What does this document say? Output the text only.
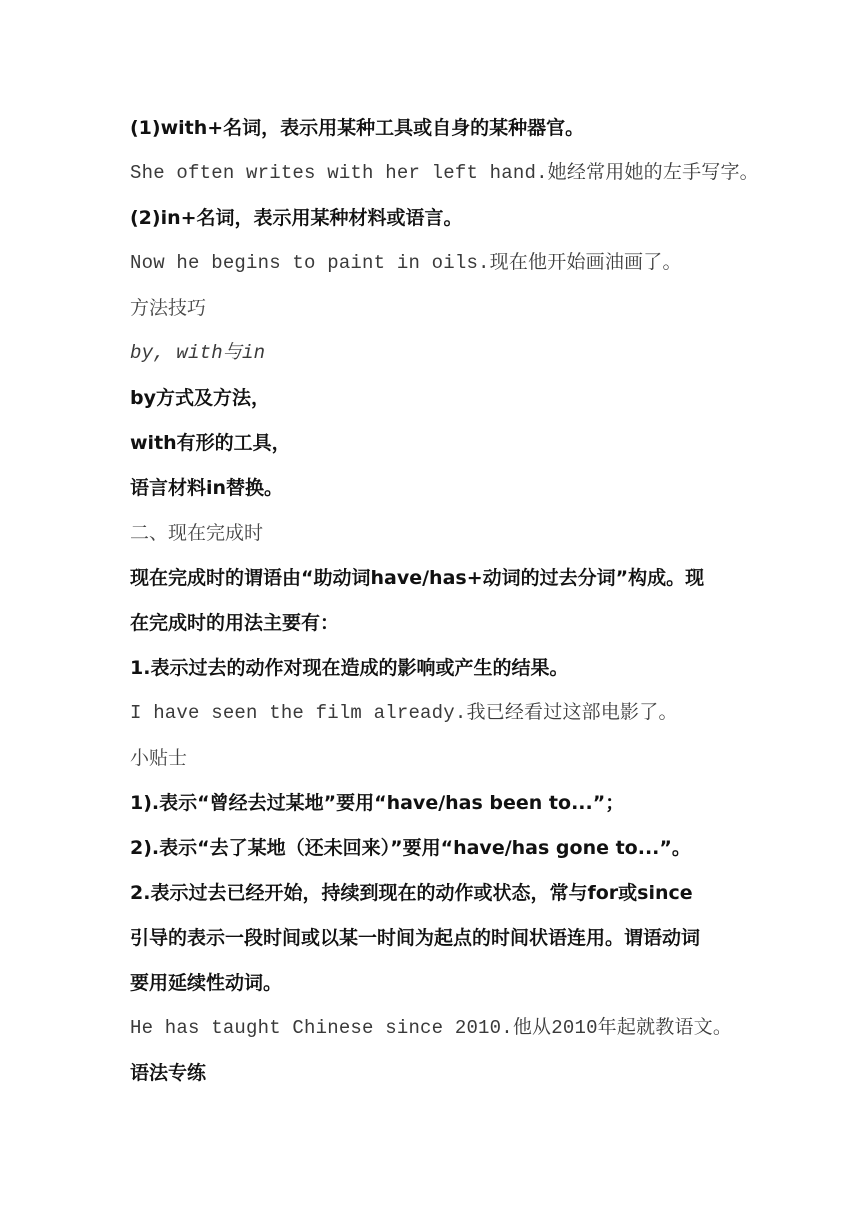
(1)with+名词，表示用某种工具或自身的某种器官。
She often writes with her left hand.她经常用她的左手写字。
(2)in+名词，表示用某种材料或语言。
Now he begins to paint in oils.现在他开始画油画了。
方法技巧
by, with与in
by方式及方法，
with有形的工具，
语言材料in替换。
二、现在完成时
现在完成时的谓语由“助动词have/has+动词的过去分词”构成。现
在完成时的用法主要有：
1.表示过去的动作对现在造成的影响或产生的结果。
I have seen the film already.我已经看过这部电影了。
小贴士
1).表示“曾经去过某地”要用“have/has been to...”；
2).表示“去了某地（还未回来）”要用“have/has gone to...”。
2.表示过去已经开始，持续到现在的动作或状态，常与for或since
引导的表示一段时间或以某一时间为起点的时间状语连用。谓语动词
要用延续性动词。
He has taught Chinese since 2010.他从2010年起就教语文。
语法专练
